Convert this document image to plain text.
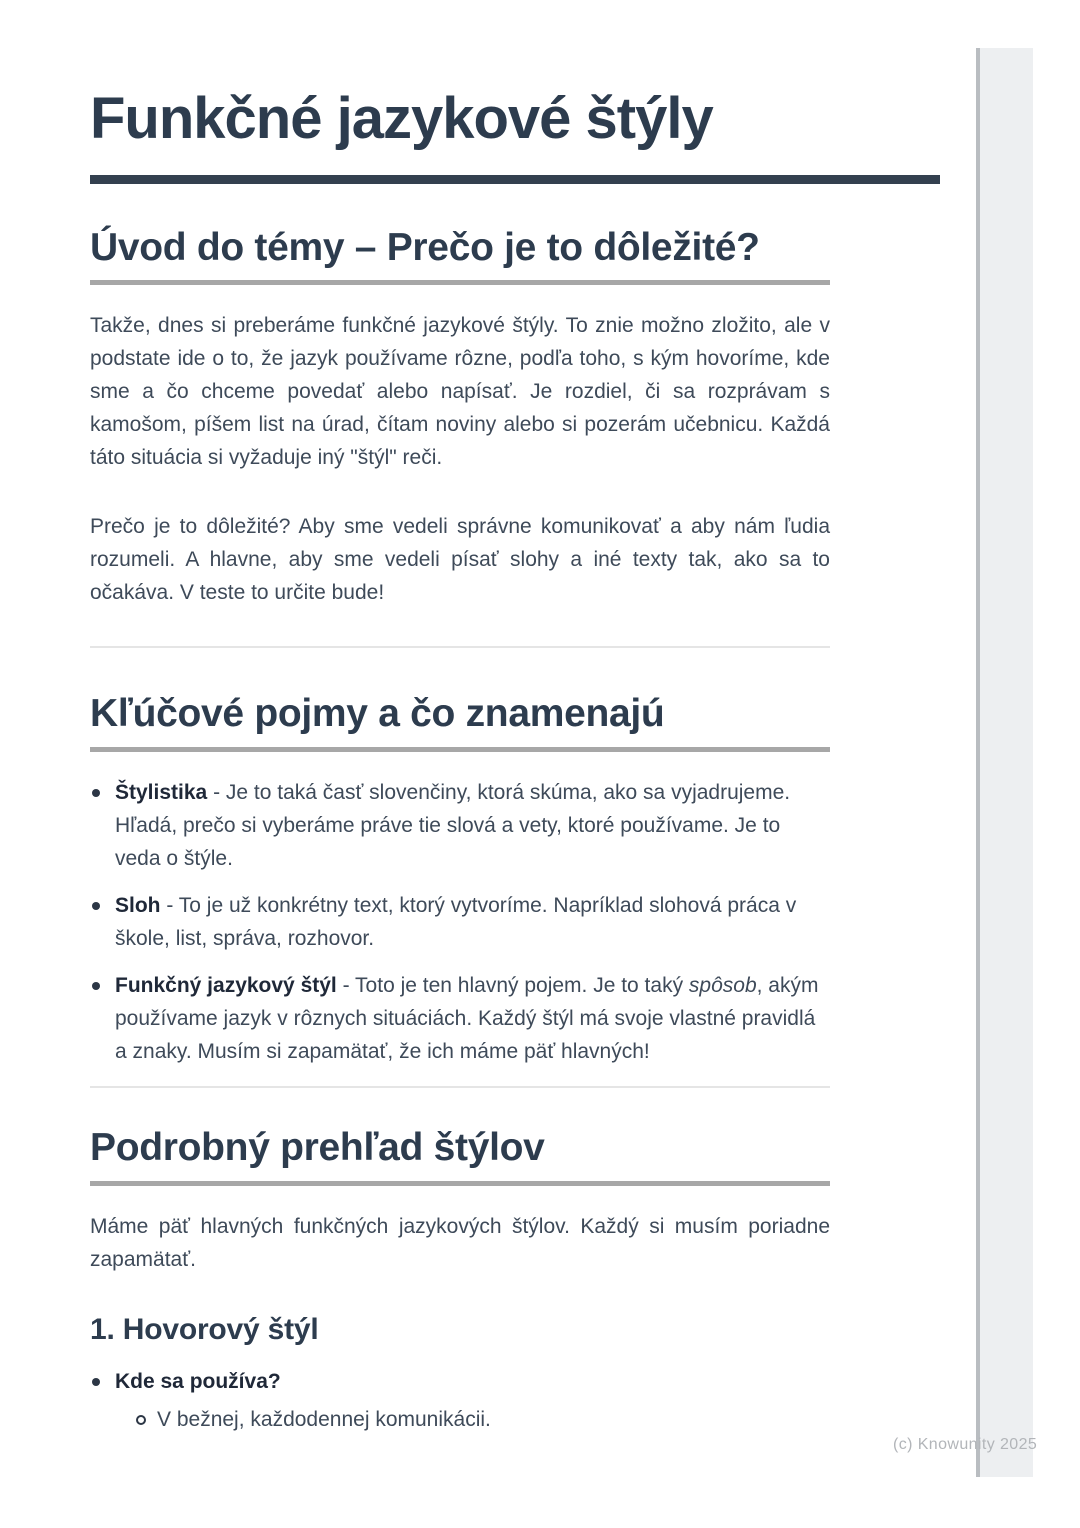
Funkčné jazykové štýly
Úvod do témy – Prečo je to dôležité?

Takže, dnes si preberáme funkčné jazykové štýly. To znie možno zložito, ale v podstate ide o to, že jazyk používame rôzne, podľa toho, s kým hovoríme, kde sme a čo chceme povedať alebo napísať. Je rozdiel, či sa rozprávam s kamošom, píšem list na úrad, čítam noviny alebo si pozerám učebnicu. Každá táto situácia si vyžaduje iný "štýl" reči.

Prečo je to dôležité? Aby sme vedeli správne komunikovať a aby nám ľudia rozumeli. A hlavne, aby sme vedeli písať slohy a iné texty tak, ako sa to očakáva. V teste to určite bude!

Kľúčové pojmy a čo znamenajú
Štylistika - Je to taká časť slovenčiny, ktorá skúma, ako sa vyjadrujeme. Hľadá, prečo si vyberáme práve tie slová a vety, ktoré používame. Je to veda o štýle.
Sloh - To je už konkrétny text, ktorý vytvoríme. Napríklad slohová práca v škole, list, správa, rozhovor.
Funkčný jazykový štýl - Toto je ten hlavný pojem. Je to taký spôsob, akým používame jazyk v rôznych situáciách. Každý štýl má svoje vlastné pravidlá a znaky. Musím si zapamätať, že ich máme päť hlavných!
Podrobný prehľad štýlov

Máme päť hlavných funkčných jazykových štýlov. Každý si musím poriadne zapamätať.

1. Hovorový štýl
Kde sa používa?
V bežnej, každodennej komunikácii.
(c) Knowunity 2025
